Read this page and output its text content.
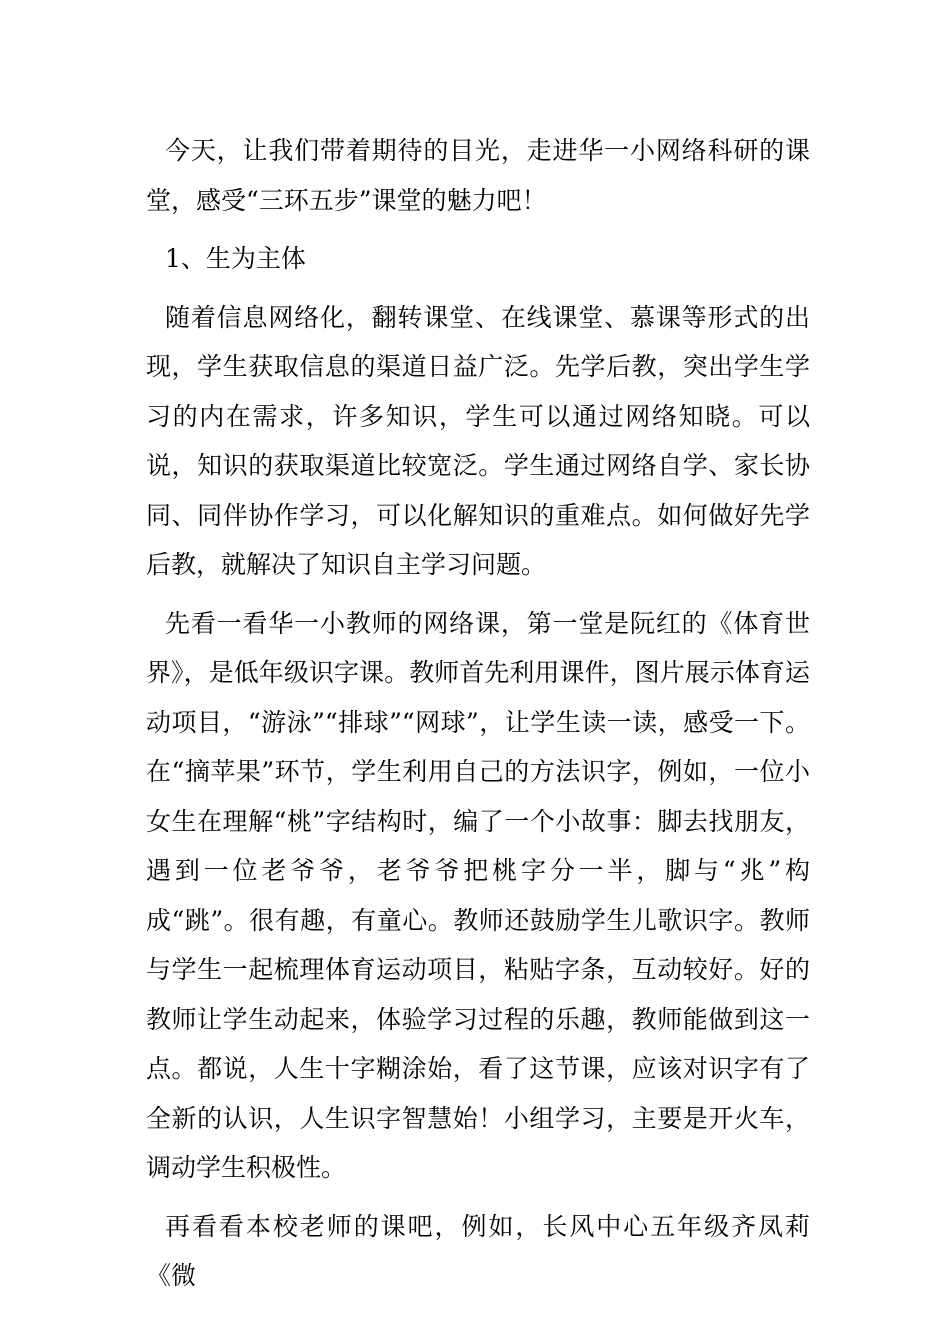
今天，让我们带着期待的目光，走进华一小网络科研的课堂，感受“三环五步”课堂的魅力吧！

1、生为主体

随着信息网络化，翻转课堂、在线课堂、慕课等形式的出现，学生获取信息的渠道日益广泛。先学后教，突出学生学习的内在需求，许多知识，学生可以通过网络知晓。可以说，知识的获取渠道比较宽泛。学生通过网络自学、家长协同、同伴协作学习，可以化解知识的重难点。如何做好先学后教，就解决了知识自主学习问题。

先看一看华一小教师的网络课，第一堂是阮红的《体育世界》，是低年级识字课。教师首先利用课件，图片展示体育运动项目，“游泳”“排球”“网球”，让学生读一读，感受一下。在“摘苹果”环节，学生利用自己的方法识字，例如，一位小女生在理解“桃”字结构时，编了一个小故事：脚去找朋友，遇到一位老爷爷，老爷爷把桃字分一半，脚与“兆”构成“跳”。很有趣，有童心。教师还鼓励学生儿歌识字。教师与学生一起梳理体育运动项目，粘贴字条，互动较好。好的教师让学生动起来，体验学习过程的乐趣，教师能做到这一点。都说，人生十字糊涂始，看了这节课，应该对识字有了全新的认识，人生识字智慧始！小组学习，主要是开火车，调动学生积极性。

再看看本校老师的课吧，例如，长风中心五年级齐凤莉《微
